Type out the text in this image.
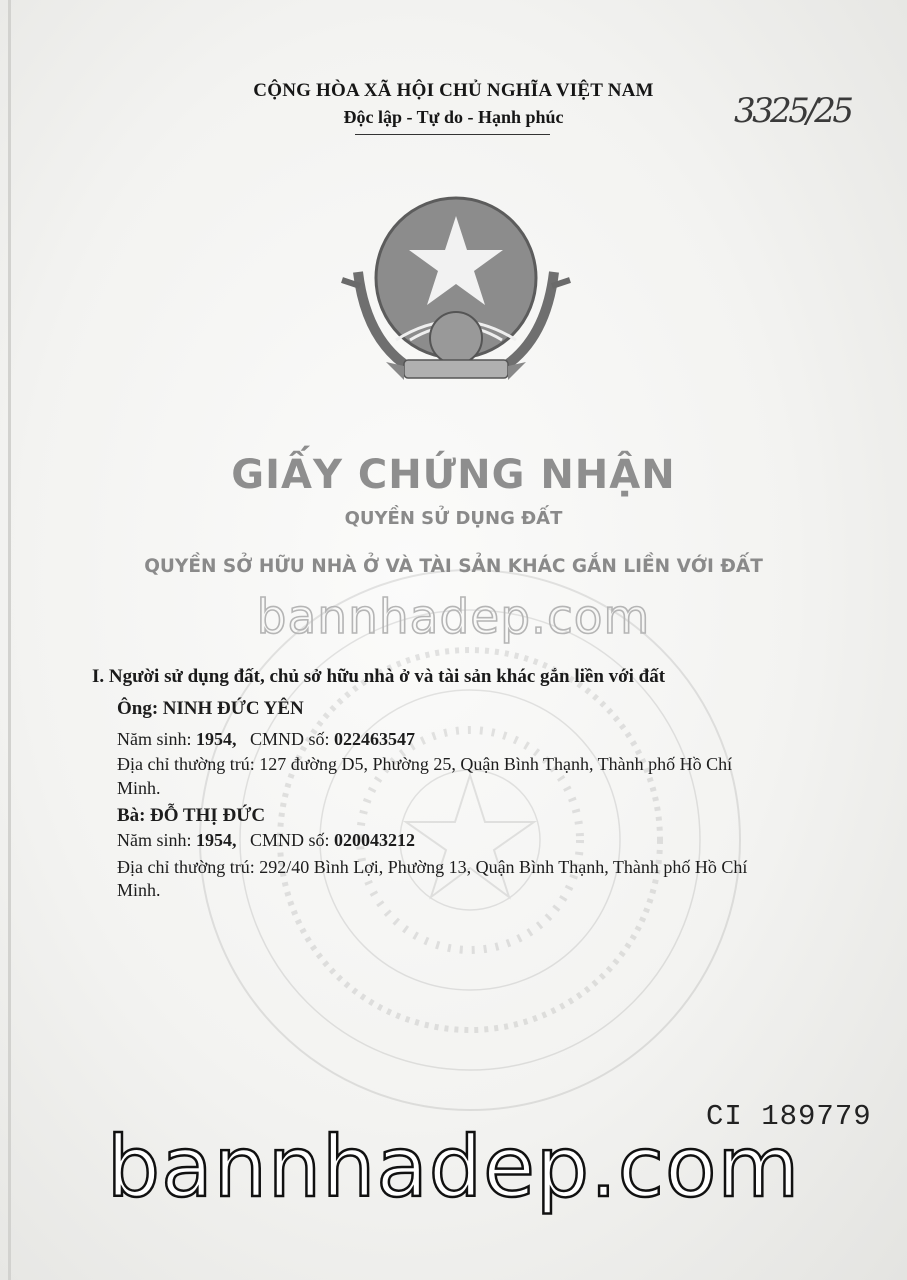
CỘNG HÒA XÃ HỘI CHỦ NGHĨA VIỆT NAM
Độc lập - Tự do - Hạnh phúc	3325/25
GIẤY CHỨNG NHẬN
QUYỀN SỬ DỤNG ĐẤT
QUYỀN SỞ HỮU NHÀ Ở VÀ TÀI SẢN KHÁC GẮN LIỀN VỚI ĐẤT
bannhadep.com
I. Người sử dụng đất, chủ sở hữu nhà ở và tài sản khác gắn liền với đất
Ông: NINH ĐỨC YÊN
Năm sinh: 1954, CMND số: 022463547
Địa chỉ thường trú: 127 đường D5, Phường 25, Quận Bình Thạnh, Thành phố Hồ Chí
Minh.
Bà: ĐỖ THỊ ĐỨC
Năm sinh: 1954, CMND số: 020043212
Địa chỉ thường trú: 292/40 Bình Lợi, Phường 13, Quận Bình Thạnh, Thành phố Hồ Chí
Minh.
CI 189779
bannhadep.com
